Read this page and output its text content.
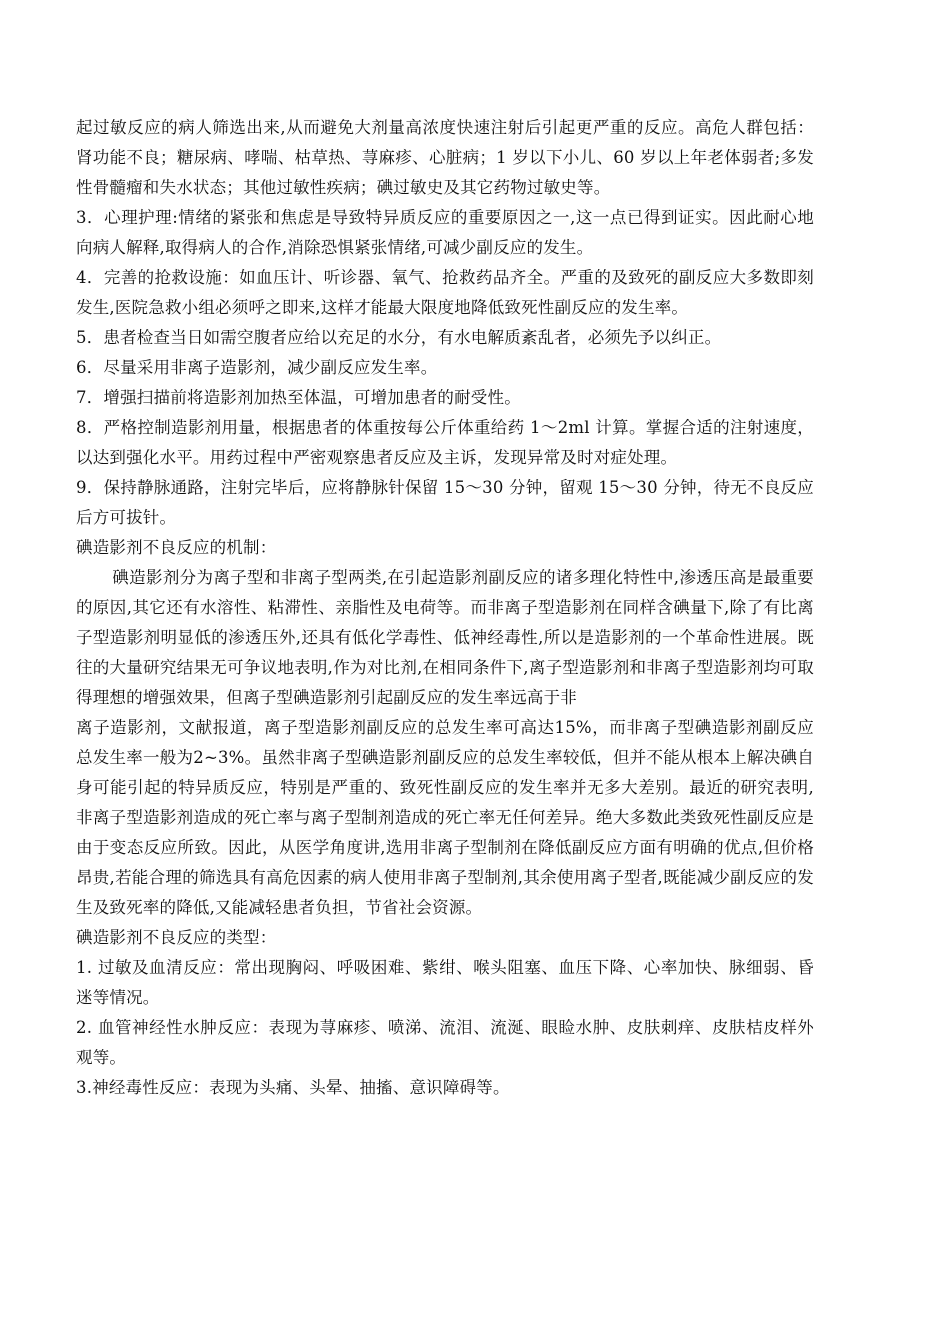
起过敏反应的病人筛选出来,从而避免大剂量高浓度快速注射后引起更严重的反应。高危人群包括：肾功能不良；糖尿病、哮喘、枯草热、荨麻疹、心脏病；1 岁以下小儿、60 岁以上年老体弱者;多发性骨髓瘤和失水状态；其他过敏性疾病；碘过敏史及其它药物过敏史等。

3．心理护理:情绪的紧张和焦虑是导致特异质反应的重要原因之一,这一点已得到证实。因此耐心地向病人解释,取得病人的合作,消除恐惧紧张情绪,可减少副反应的发生。

4．完善的抢救设施：如血压计、听诊器、氧气、抢救药品齐全。严重的及致死的副反应大多数即刻发生,医院急救小组必须呼之即来,这样才能最大限度地降低致死性副反应的发生率。

5．患者检查当日如需空腹者应给以充足的水分，有水电解质紊乱者，必须先予以纠正。

6．尽量采用非离子造影剂，减少副反应发生率。

7．增强扫描前将造影剂加热至体温，可增加患者的耐受性。

8．严格控制造影剂用量，根据患者的体重按每公斤体重给药 1～2ml 计算。掌握合适的注射速度，以达到强化水平。用药过程中严密观察患者反应及主诉，发现异常及时对症处理。

9．保持静脉通路，注射完毕后，应将静脉针保留 15～30 分钟，留观 15～30 分钟，待无不良反应后方可拔针。

碘造影剂不良反应的机制：

碘造影剂分为离子型和非离子型两类,在引起造影剂副反应的诸多理化特性中,渗透压高是最重要的原因,其它还有水溶性、粘滞性、亲脂性及电荷等。而非离子型造影剂在同样含碘量下,除了有比离子型造影剂明显低的渗透压外,还具有低化学毒性、低神经毒性,所以是造影剂的一个革命性进展。既往的大量研究结果无可争议地表明,作为对比剂,在相同条件下,离子型造影剂和非离子型造影剂均可取得理想的增强效果，但离子型碘造影剂引起副反应的发生率远高于非

离子造影剂，文献报道，离子型造影剂副反应的总发生率可高达15%，而非离子型碘造影剂副反应总发生率一般为2~3%。虽然非离子型碘造影剂副反应的总发生率较低，但并不能从根本上解决碘自身可能引起的特异质反应，特别是严重的、致死性副反应的发生率并无多大差别。最近的研究表明,非离子型造影剂造成的死亡率与离子型制剂造成的死亡率无任何差异。绝大多数此类致死性副反应是由于变态反应所致。因此，从医学角度讲,选用非离子型制剂在降低副反应方面有明确的优点,但价格昂贵,若能合理的筛选具有高危因素的病人使用非离子型制剂,其余使用离子型者,既能减少副反应的发生及致死率的降低,又能减轻患者负担，节省社会资源。

碘造影剂不良反应的类型：

1. 过敏及血清反应：常出现胸闷、呼吸困难、紫绀、喉头阻塞、血压下降、心率加快、脉细弱、昏迷等情况。

2. 血管神经性水肿反应：表现为荨麻疹、喷涕、流泪、流涎、眼睑水肿、皮肤刺痒、皮肤桔皮样外观等。

3.神经毒性反应：表现为头痛、头晕、抽搐、意识障碍等。
